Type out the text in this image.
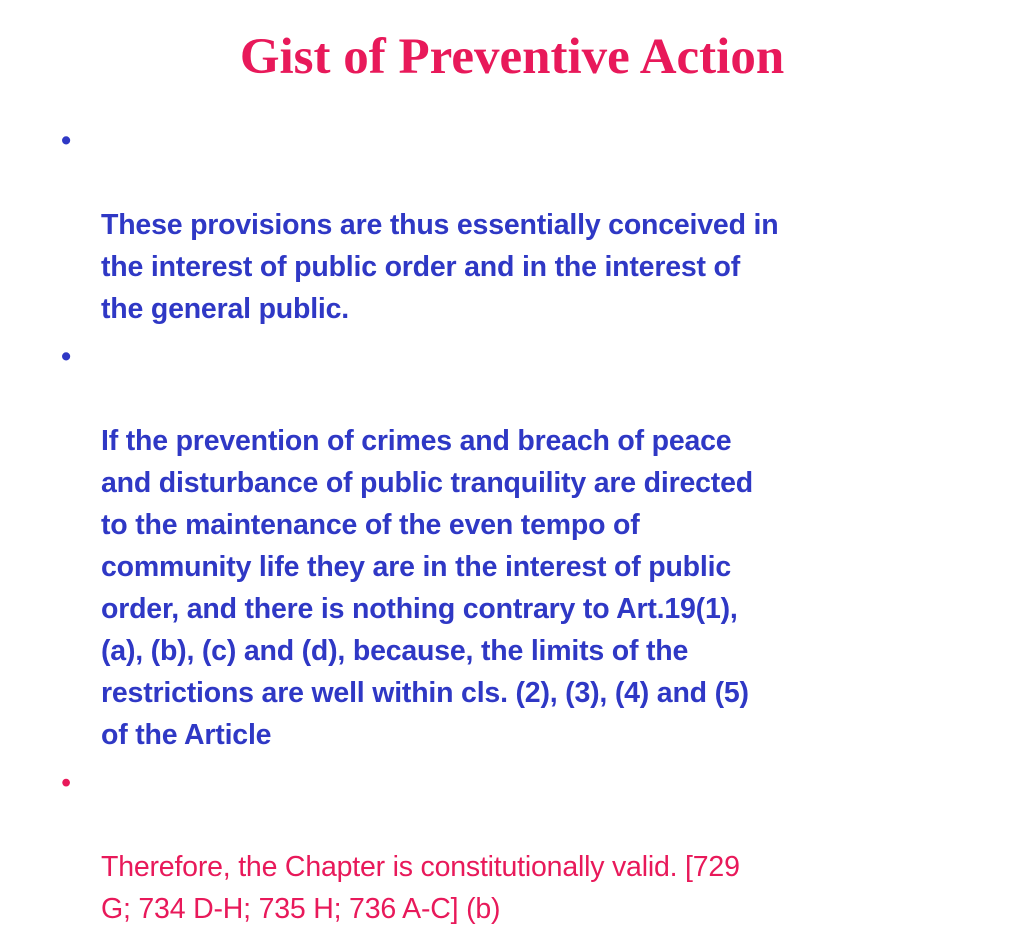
Gist of Preventive Action

•

These provisions are thus essentially conceived in
the interest of public order and in the interest of
the general public.

•

If the prevention of crimes and breach of peace
and disturbance of public tranquility are directed
to the maintenance of the even tempo of
community life they are in the interest of public
order, and there is nothing contrary to Art.19(1),
(a), (b), (c) and (d), because, the limits of the
restrictions are well within cls. (2), (3), (4) and (5)
of the Article

•

Therefore, the Chapter is constitutionally valid. [729
G; 734 D-H; 735 H; 736 A-C] (b)
